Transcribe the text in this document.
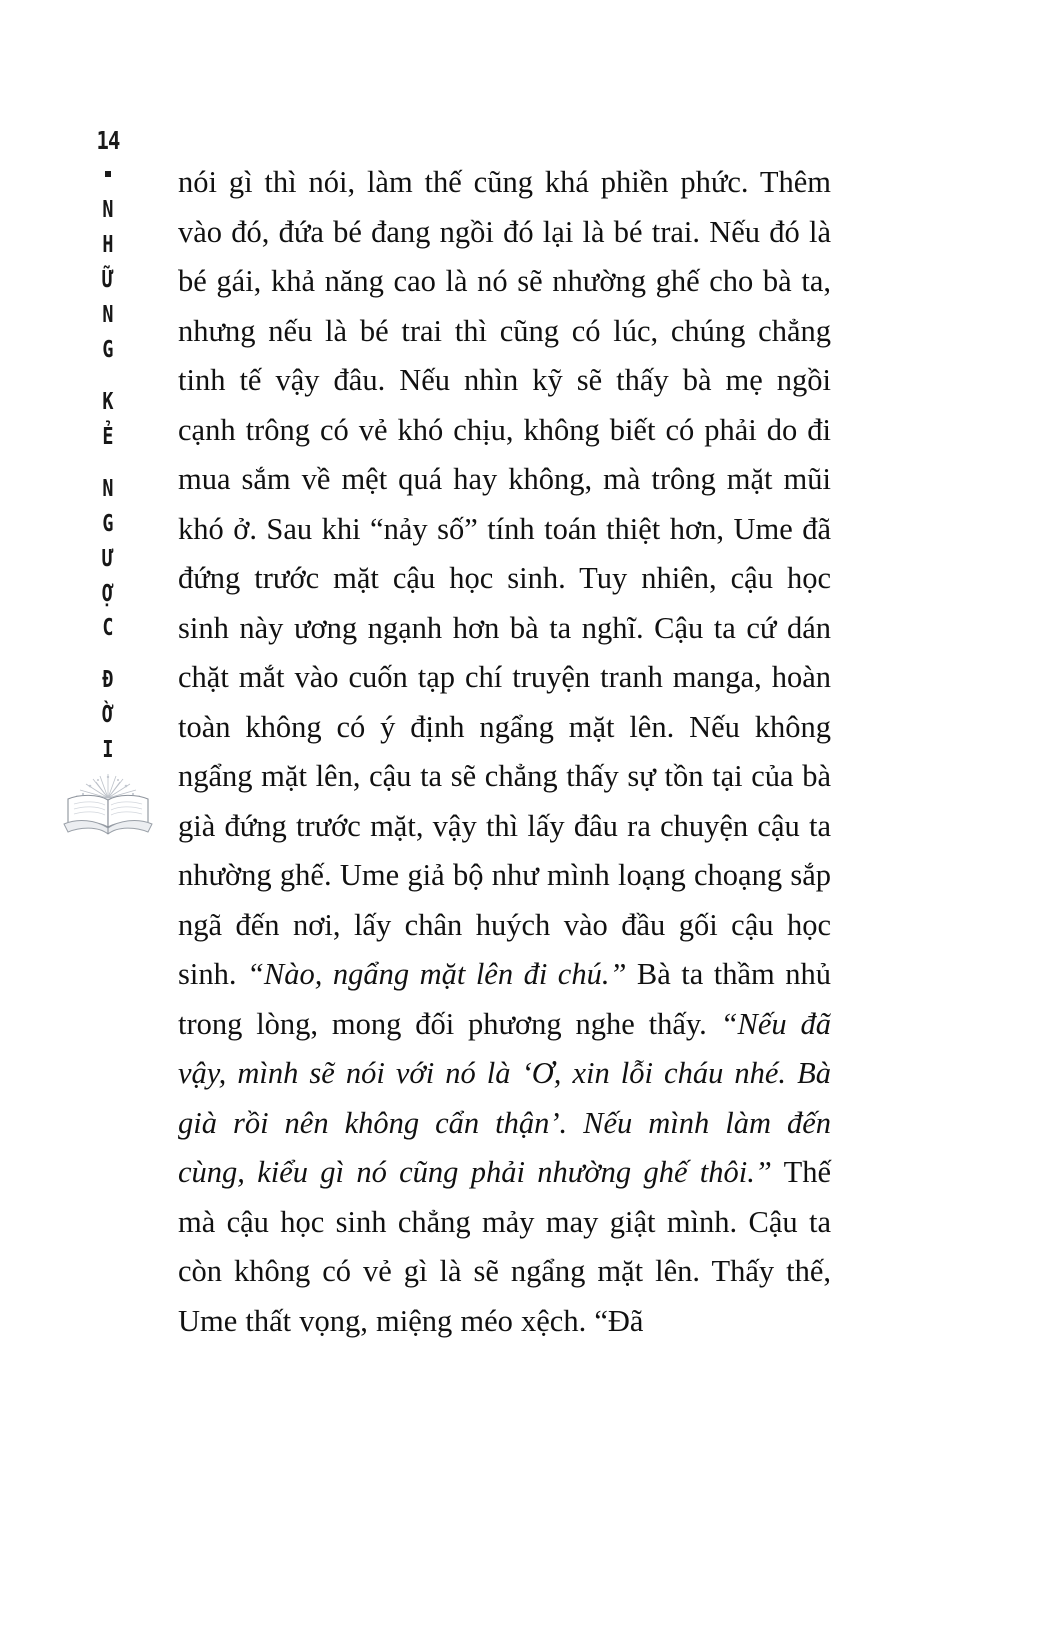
14
N
H
Ữ
N
G
K
Ẻ
N
G
Ư
Ợ
C
Đ
Ờ
I

nói gì thì nói, làm thế cũng khá phiền phức. Thêm vào đó, đứa bé đang ngồi đó lại là bé trai. Nếu đó là bé gái, khả năng cao là nó sẽ nhường ghế cho bà ta, nhưng nếu là bé trai thì cũng có lúc, chúng chẳng tinh tế vậy đâu. Nếu nhìn kỹ sẽ thấy bà mẹ ngồi cạnh trông có vẻ khó chịu, không biết có phải do đi mua sắm về mệt quá hay không, mà trông mặt mũi khó ở. Sau khi “nảy số” tính toán thiệt hơn, Ume đã đứng trước mặt cậu học sinh. Tuy nhiên, cậu học sinh này ương ngạnh hơn bà ta nghĩ. Cậu ta cứ dán chặt mắt vào cuốn tạp chí truyện tranh manga, hoàn toàn không có ý định ngẩng mặt lên. Nếu không ngẩng mặt lên, cậu ta sẽ chẳng thấy sự tồn tại của bà già đứng trước mặt, vậy thì lấy đâu ra chuyện cậu ta nhường ghế. Ume giả bộ như mình loạng choạng sắp ngã đến nơi, lấy chân huých vào đầu gối cậu học sinh. “Nào, ngẩng mặt lên đi chú.” Bà ta thầm nhủ trong lòng, mong đối phương nghe thấy. “Nếu đã vậy, mình sẽ nói với nó là ‘Ơ, xin lỗi cháu nhé. Bà già rồi nên không cẩn thận’. Nếu mình làm đến cùng, kiểu gì nó cũng phải nhường ghế thôi.” Thế mà cậu học sinh chẳng mảy may giật mình. Cậu ta còn không có vẻ gì là sẽ ngẩng mặt lên. Thấy thế, Ume thất vọng, miệng méo xệch. “Đã
